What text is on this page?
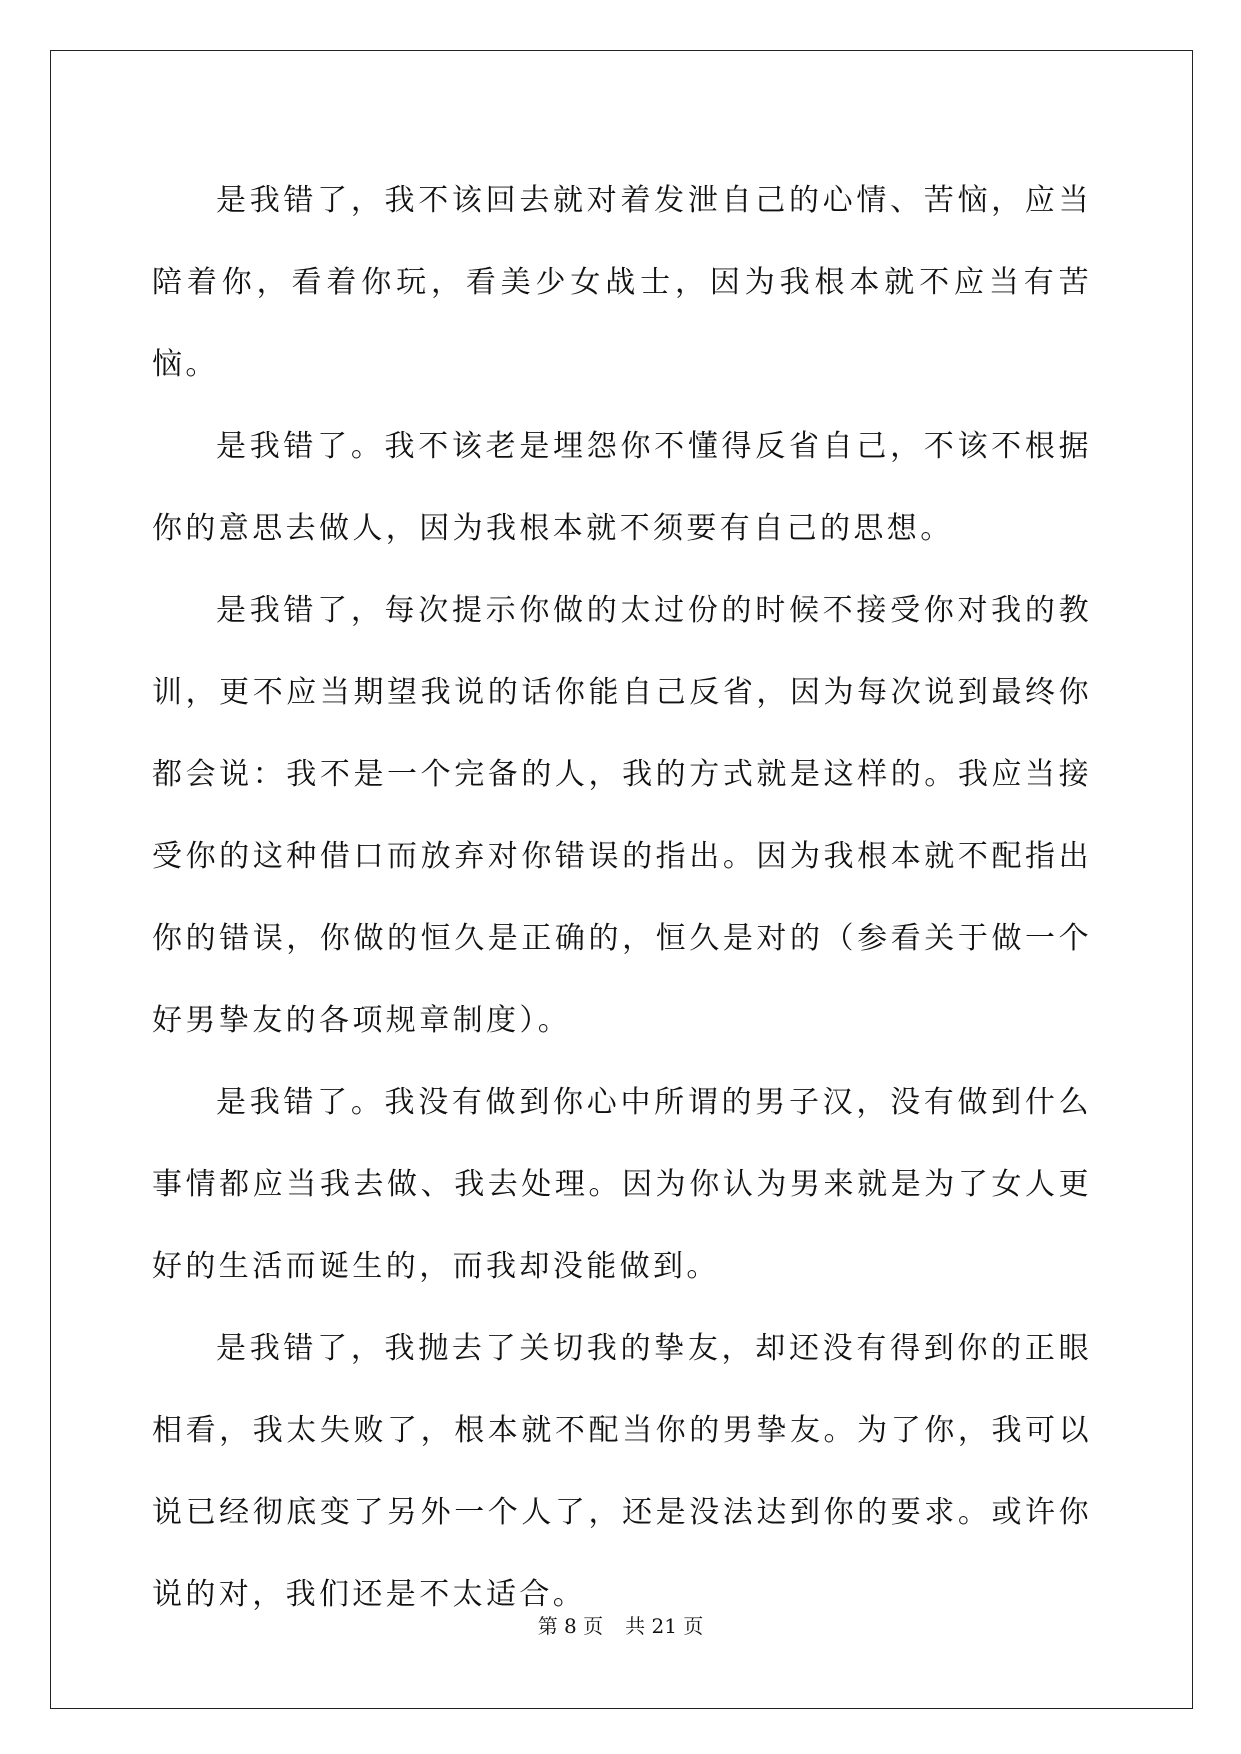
是我错了，我不该回去就对着发泄自己的心情、苦恼，应当陪着你，看着你玩，看美少女战士，因为我根本就不应当有苦恼。

是我错了。我不该老是埋怨你不懂得反省自己，不该不根据你的意思去做人，因为我根本就不须要有自己的思想。

是我错了，每次提示你做的太过份的时候不接受你对我的教训，更不应当期望我说的话你能自己反省，因为每次说到最终你都会说：我不是一个完备的人，我的方式就是这样的。我应当接受你的这种借口而放弃对你错误的指出。因为我根本就不配指出你的错误，你做的恒久是正确的，恒久是对的（参看关于做一个好男挚友的各项规章制度）。

是我错了。我没有做到你心中所谓的男子汉，没有做到什么事情都应当我去做、我去处理。因为你认为男来就是为了女人更好的生活而诞生的，而我却没能做到。

是我错了，我抛去了关切我的挚友，却还没有得到你的正眼相看，我太失败了，根本就不配当你的男挚友。为了你，我可以说已经彻底变了另外一个人了，还是没法达到你的要求。或许你说的对，我们还是不太适合。

第 8 页 共 21 页
